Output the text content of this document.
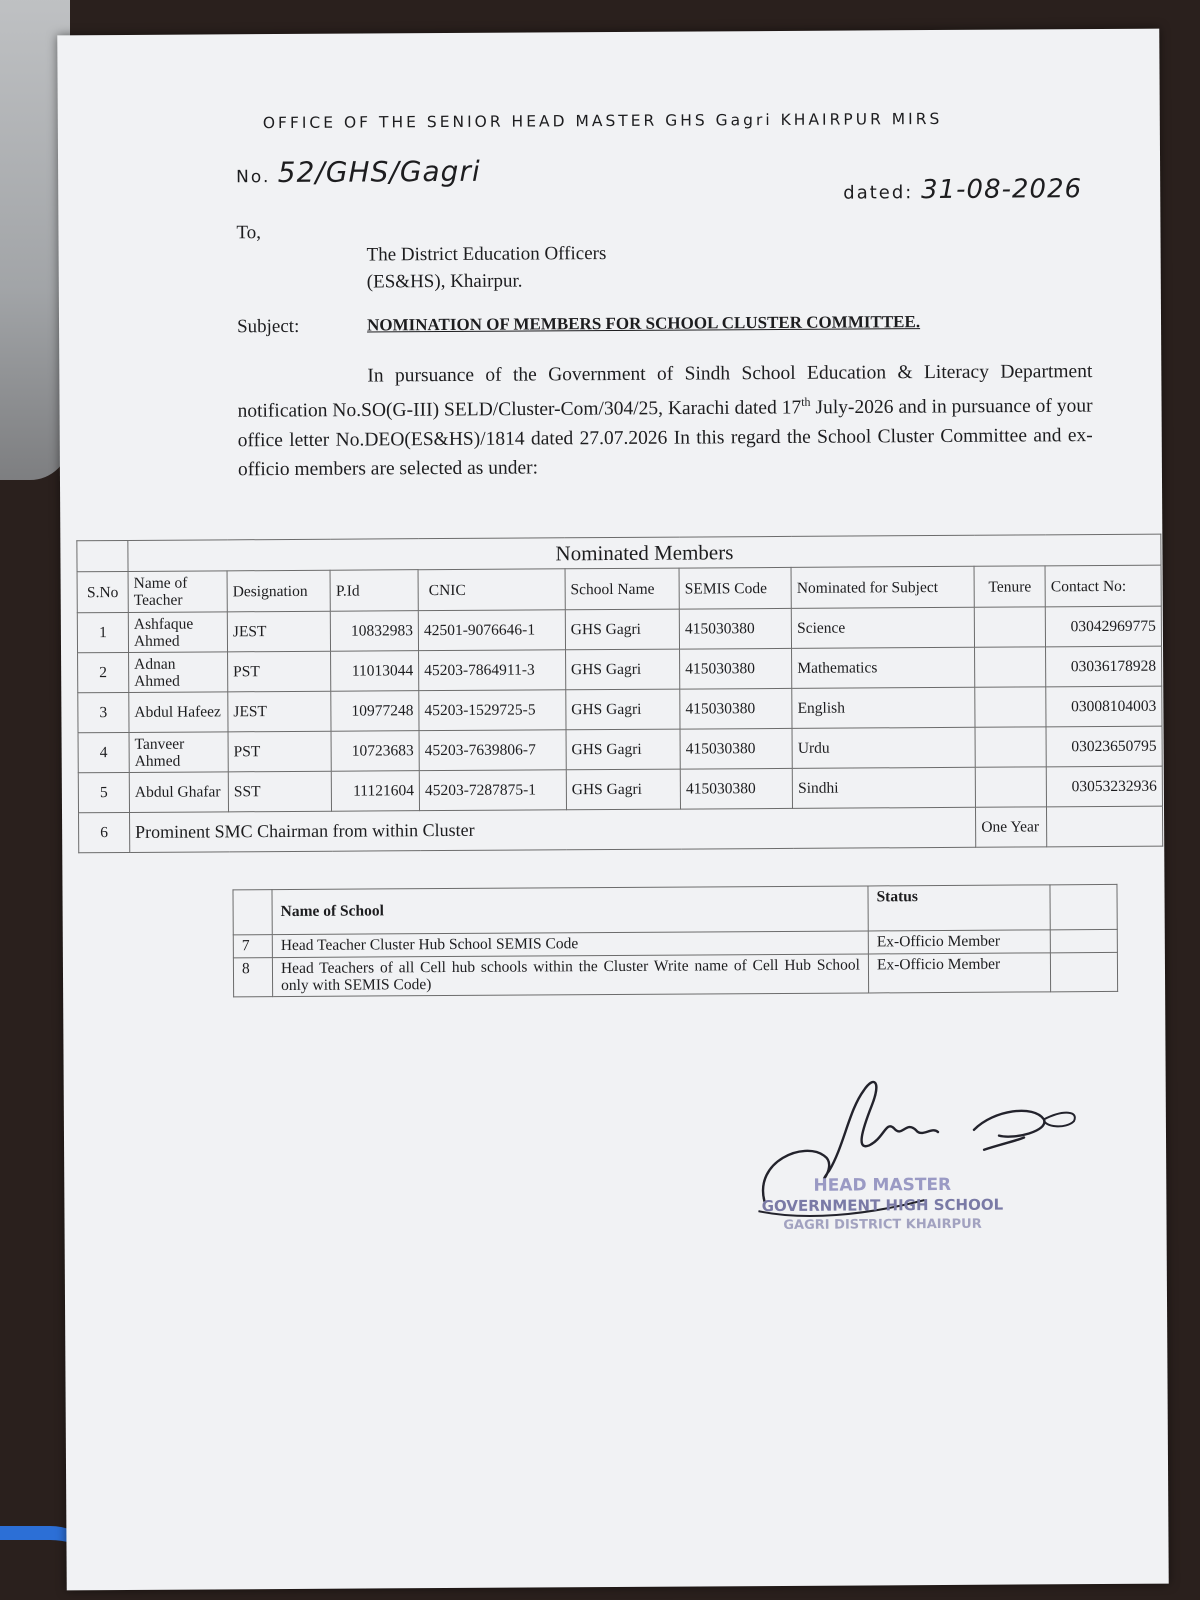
OFFICE OF THE SENIOR HEAD MASTER GHS Gagri KHAIRPUR MIRS
No. 52/GHS/Gagri
dated: 31-08-2026
To,
The District Education Officers
(ES&HS), Khairpur.
Subject:	NOMINATION OF MEMBERS FOR SCHOOL CLUSTER COMMITTEE.
In pursuance of the Government of Sindh School Education & Literacy Department notification No.SO(G-III) SELD/Cluster-Com/304/25, Karachi dated 17th July-2026 and in pursuance of your office letter No.DEO(ES&HS)/1814 dated 27.07.2026 In this regard the School Cluster Committee and ex-officio members are selected as under:
	Nominated Members								
S.No	Name of Teacher	Designation	P.Id	CNIC	School Name	SEMIS Code	Nominated for Subject	Tenure	Contact No:
1	Ashfaque Ahmed	JEST	10832983	42501-9076646-1	GHS Gagri	415030380	Science		03042969775
2	Adnan Ahmed	PST	11013044	45203-7864911-3	GHS Gagri	415030380	Mathematics		03036178928
3	Abdul Hafeez	JEST	10977248	45203-1529725-5	GHS Gagri	415030380	English		03008104003
4	Tanveer Ahmed	PST	10723683	45203-7639806-7	GHS Gagri	415030380	Urdu		03023650795
5	Abdul Ghafar	SST	11121604	45203-7287875-1	GHS Gagri	415030380	Sindhi		03053232936
6	Prominent SMC Chairman from within Cluster							One Year	
	Name of School	Status	
7	Head Teacher Cluster Hub School SEMIS Code	Ex-Officio Member	
8	Head Teachers of all Cell hub schools within the Cluster Write name of Cell Hub School only with SEMIS Code)	Ex-Officio Member	
HEAD MASTER
GOVERNMENT HIGH SCHOOL
GAGRI DISTRICT KHAIRPUR
